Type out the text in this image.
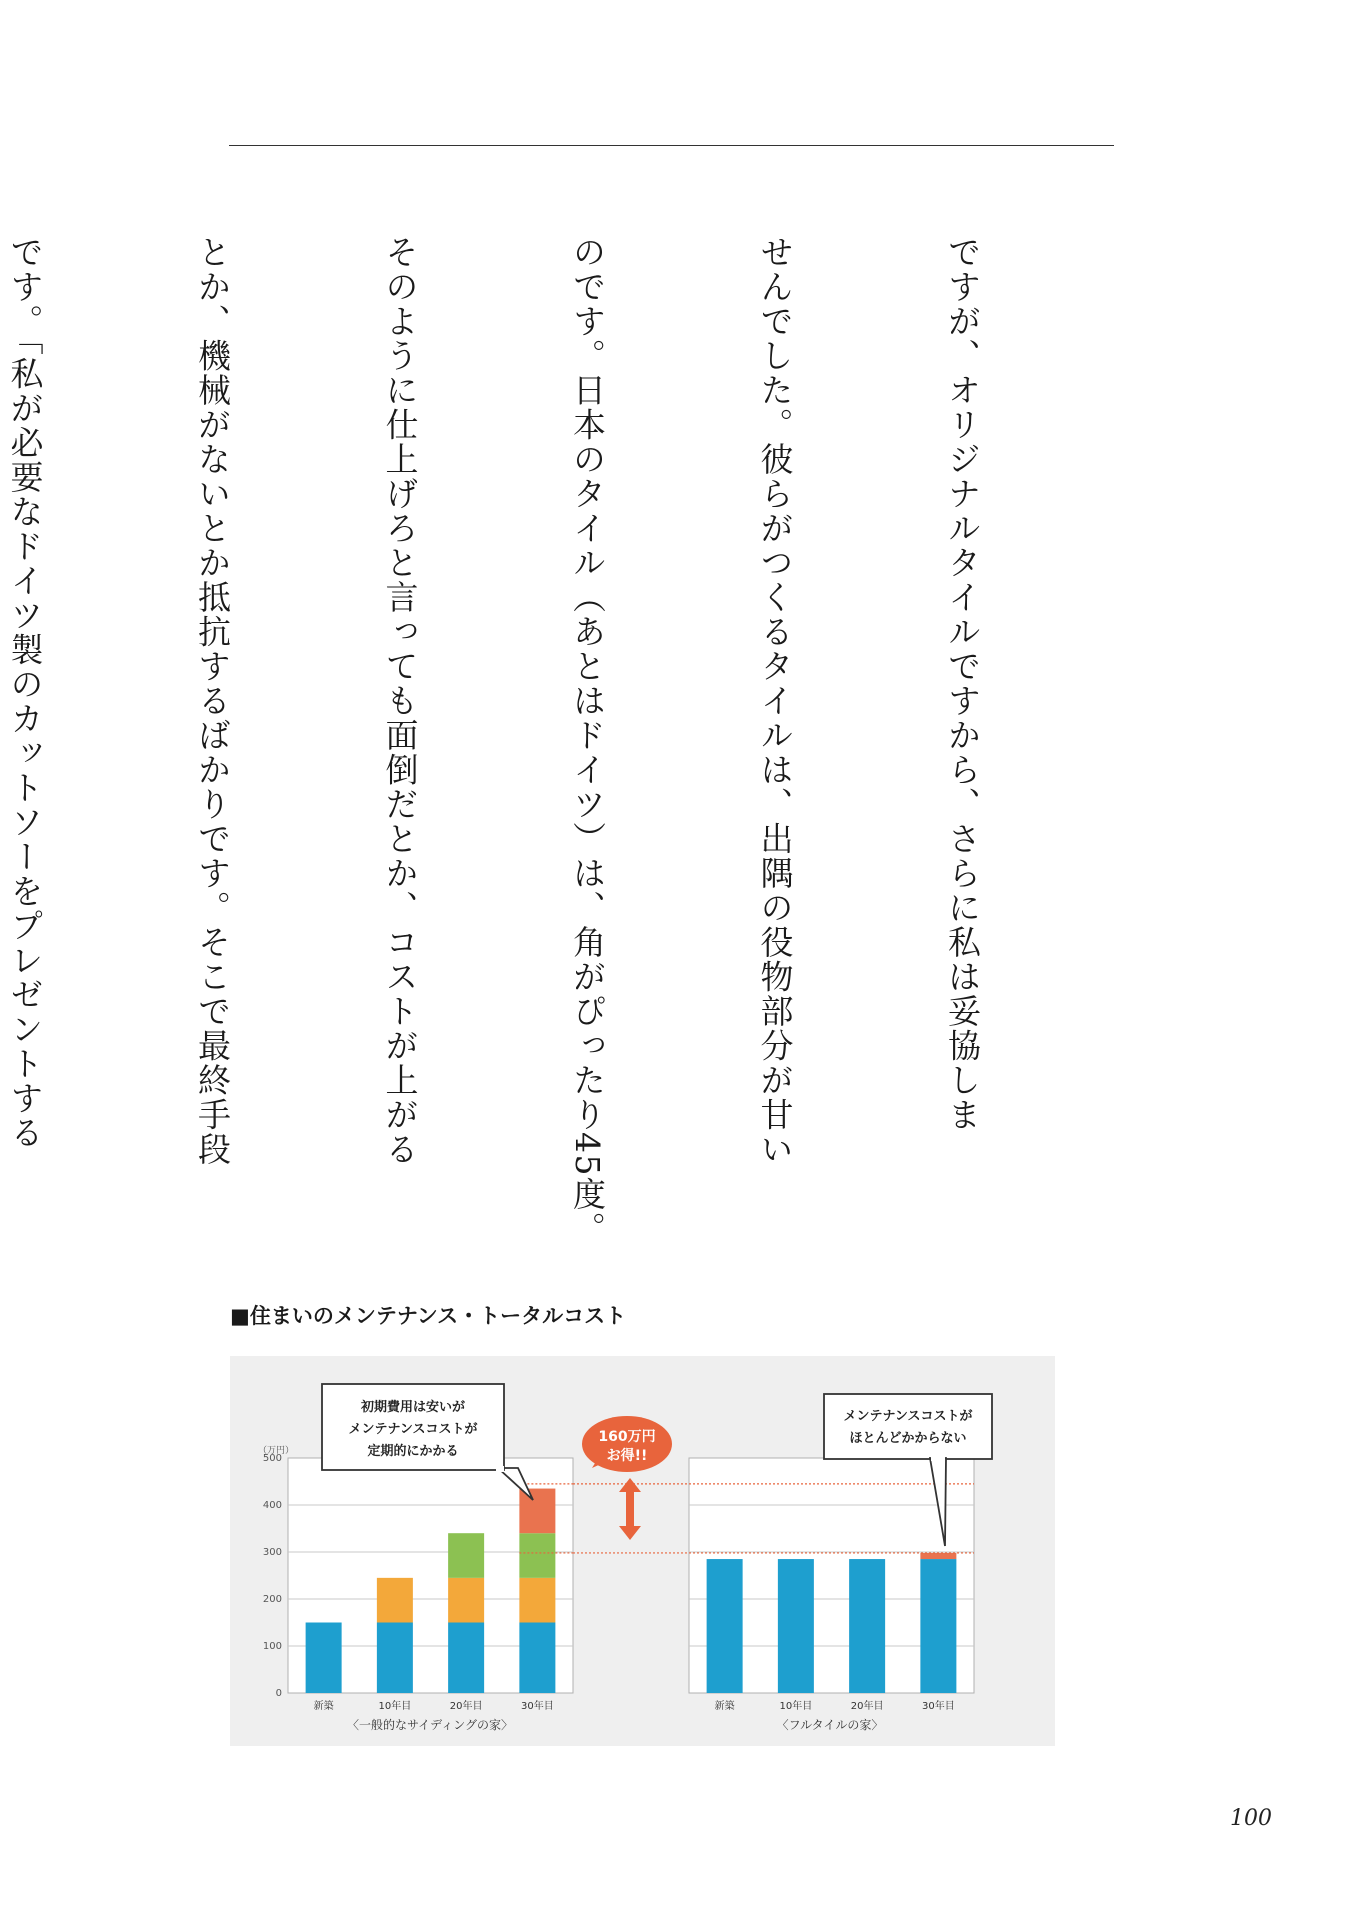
ですが、オリジナルタイルですから、さらに私は妥協しま

せんでした。彼らがつくるタイルは、出隅の役物部分が甘い

のです。日本のタイル（あとはドイツ）は、角がぴったり45度。

そのように仕上げろと言っても面倒だとか、コストが上がる

とか、機械がないとか抵抗するばかりです。そこで最終手段

です。「私が必要なドイツ製のカットソーをプレゼントする

■住まいのメンテナンス・トータルコスト
（万円）
0
100
200
300
400
500
新築	10年目	20年目	30年目	新築	10年目	20年目	30年目
〈一般的なサイディングの家〉	〈フルタイルの家〉
初期費用は安いが
メンテナンスコストが
定期的にかかる
メンテナンスコストが
ほとんどかからない
160万円
お得!!
100
